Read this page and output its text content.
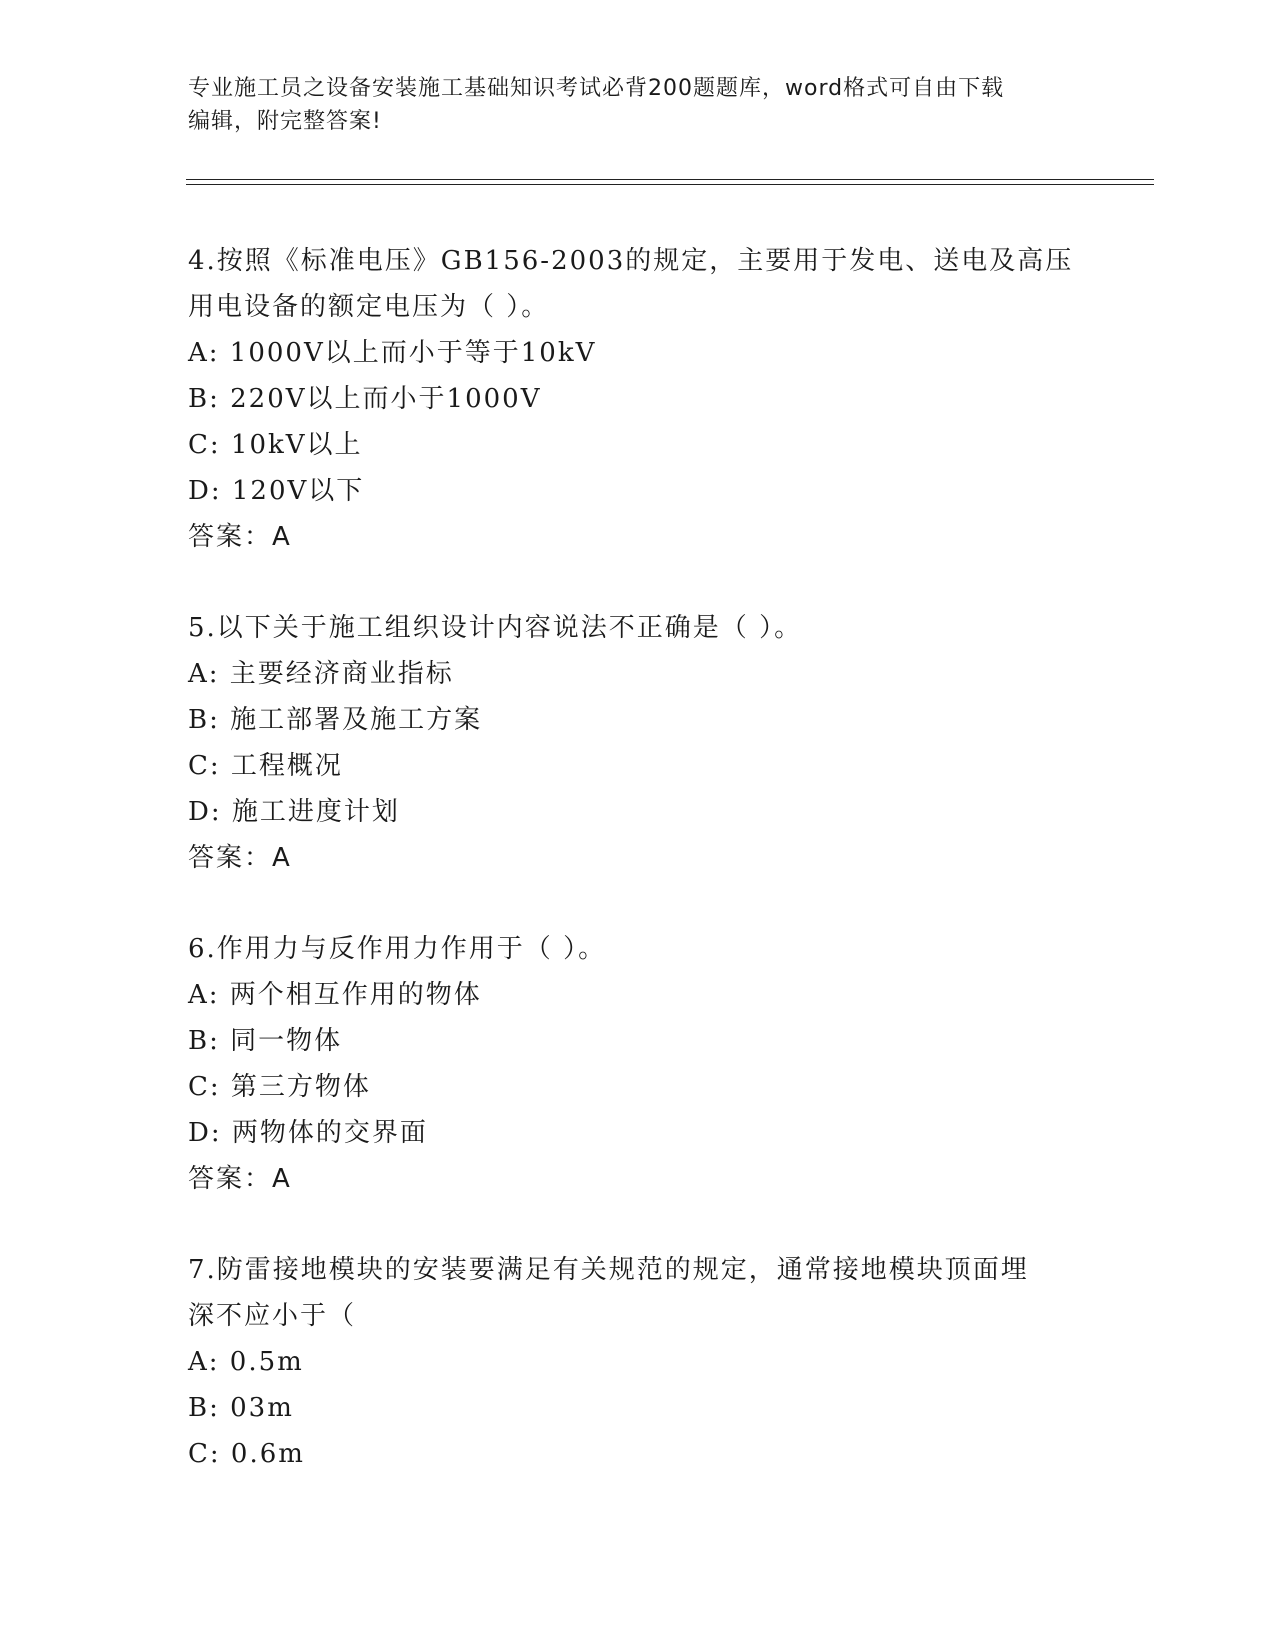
专业施工员之设备安装施工基础知识考试必背200题题库，word格式可自由下载
编辑，附完整答案!
4.按照《标准电压》GB156-2003的规定，主要用于发电、送电及高压
用电设备的额定电压为（ ）。
A: 1000V以上而小于等于10kV
B: 220V以上而小于1000V
C: 10kV以上
D: 120V以下
答案：A
5.以下关于施工组织设计内容说法不正确是（ ）。
A: 主要经济商业指标
B: 施工部署及施工方案
C: 工程概况
D: 施工进度计划
答案：A
6.作用力与反作用力作用于（ ）。
A: 两个相互作用的物体
B: 同一物体
C: 第三方物体
D: 两物体的交界面
答案：A
7.防雷接地模块的安装要满足有关规范的规定，通常接地模块顶面埋
深不应小于（
A: 0.5m
B: 03m
C: 0.6m
